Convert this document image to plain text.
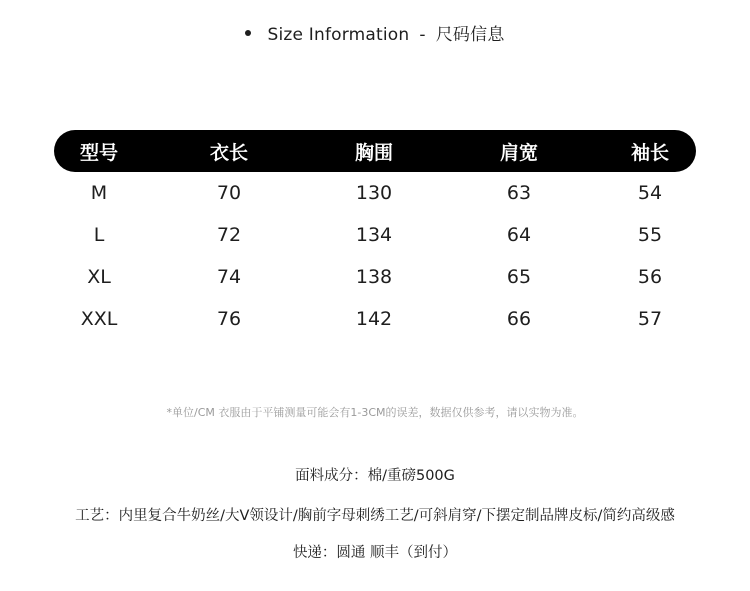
Size Information - 尺码信息
型号	衣长	胸围	肩宽	袖长
M	70	130	63	54
L	72	134	64	55
XL	74	138	65	56
XXL	76	142	66	57
*单位/CM 衣服由于平铺测量可能会有1-3CM的误差，数据仅供参考，请以实物为准。
面料成分：棉/重磅500G
工艺：内里复合牛奶丝/大V领设计/胸前字母刺绣工艺/可斜肩穿/下摆定制品牌皮标/简约高级感
快递：圆通 顺丰（到付）
